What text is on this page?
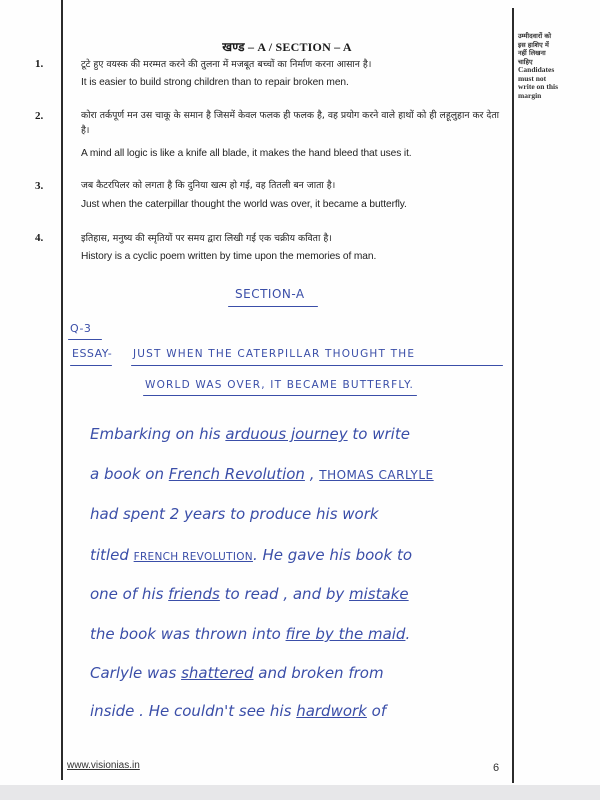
उम्मीदवारों को इस हाशिए में नहीं लिखना चाहिए
Candidates must not write on this margin
खण्ड – A / SECTION – A
1.	टूटे हुए वयस्क की मरम्मत करने की तुलना में मजबूत बच्चों का निर्माण करना आसान है।
It is easier to build strong children than to repair broken men.
2.	कोरा तर्कपूर्ण मन उस चाकू के समान है जिसमें केवल फलक ही फलक है, वह प्रयोग करने वाले हाथों को ही लहूलुहान कर देता है।
A mind all logic is like a knife all blade, it makes the hand bleed that uses it.
3.	जब कैटरपिलर को लगता है कि दुनिया खत्म हो गई, वह तितली बन जाता है।
Just when the caterpillar thought the world was over, it became a butterfly.
4.	इतिहास, मनुष्य की स्मृतियों पर समय द्वारा लिखी गई एक चक्रीय कविता है।
History is a cyclic poem written by time upon the memories of man.
SECTION-A
Q-3
ESSAY- JUST WHEN THE CATERPILLAR THOUGHT THE
WORLD WAS OVER, IT BECAME BUTTERFLY.
Embarking on his arduous journey to write
a book on French Revolution , THOMAS CARLYLE
had spent 2 years to produce his work
titled FRENCH REVOLUTION. He gave his book to
one of his friends to read , and by mistake
the book was thrown into fire by the maid.
Carlyle was shattered and broken from
inside . He couldn't see his hardwork of
www.visionias.in	6
